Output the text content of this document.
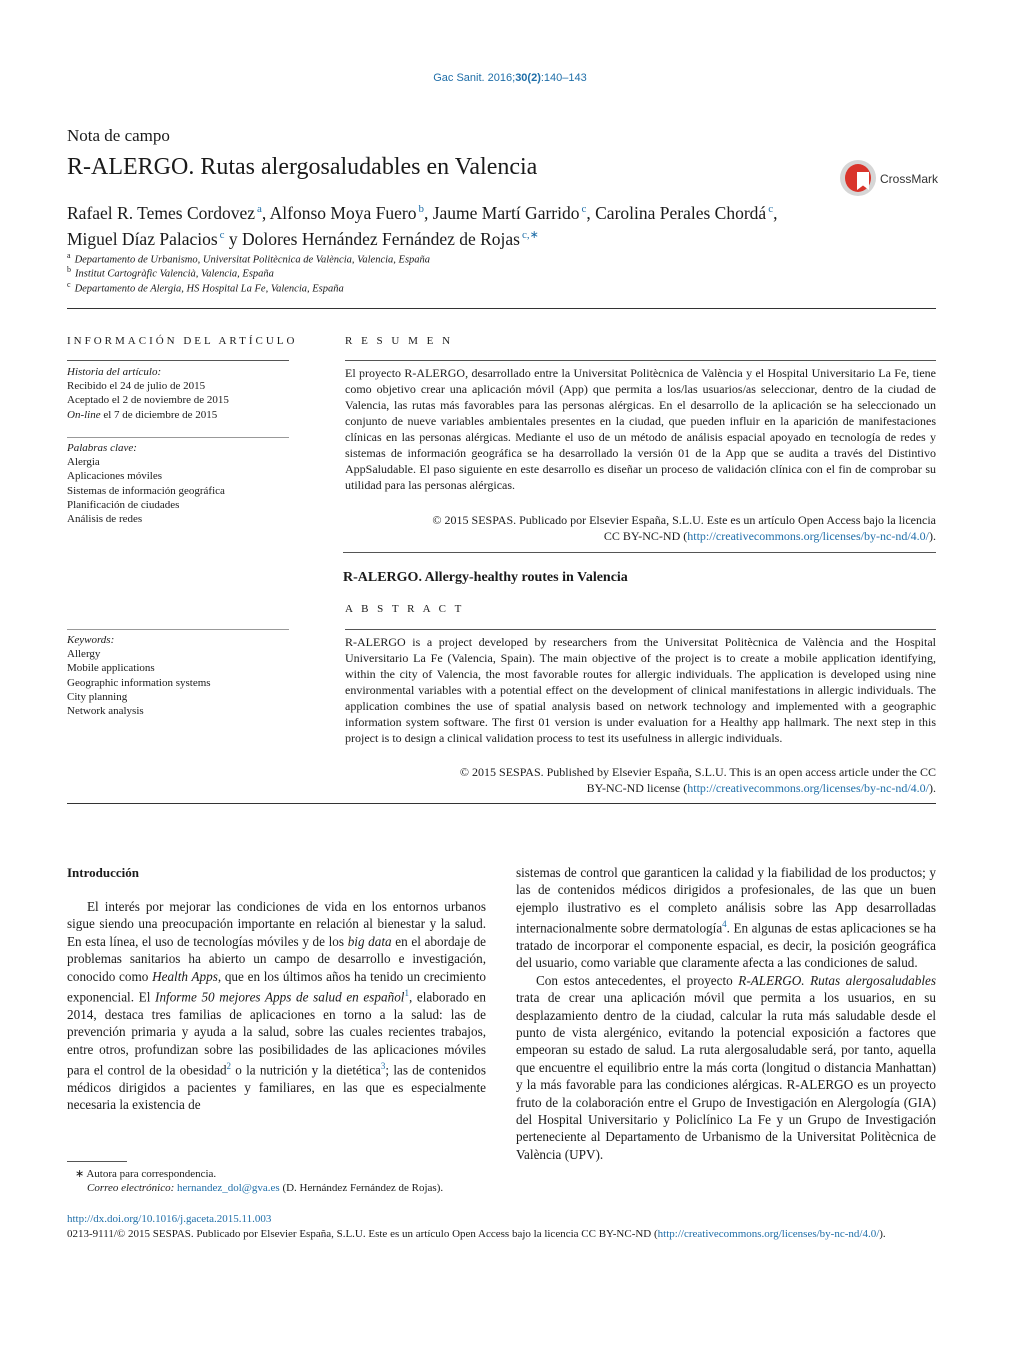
Gac Sanit. 2016;30(2):140–143
Nota de campo
R-ALERGO. Rutas alergosaludables en Valencia	CrossMark
Rafael R. Temes Cordovez $^a$, Alfonso Moya Fuero $^b$, Jaume Martí Garrido $^c$, Carolina Perales Chordá $^c$,
Miguel Díaz Palacios $^c$ y Dolores Hernández Fernández de Rojas $^{c,∗}$
$^a$ Departamento de Urbanismo, Universitat Politècnica de València, Valencia, España
$^b$ Institut Cartogràfic Valencià, Valencia, España
$^c$ Departamento de Alergia, HS Hospital La Fe, Valencia, España
INFORMACIÓN DEL ARTÍCULO
Historia del artículo:
Recibido el 24 de julio de 2015
Aceptado el 2 de noviembre de 2015
On-line el 7 de diciembre de 2015
Palabras clave:
Alergia
Aplicaciones móviles
Sistemas de información geográfica
Planificación de ciudades
Análisis de redes
Keywords:
Allergy
Mobile applications
Geographic information systems
City planning
Network analysis
R E S U M E N
El proyecto R-ALERGO, desarrollado entre la Universitat Politècnica de València y el Hospital Universitario La Fe, tiene como objetivo crear una aplicación móvil (App) que permita a los/las usuarios/as seleccionar, dentro de la ciudad de Valencia, las rutas más favorables para las personas alérgicas. En el desarrollo de la aplicación se ha seleccionado un conjunto de nueve variables ambientales presentes en la ciudad, que pueden influir en la aparición de manifestaciones clínicas en las personas alérgicas. Mediante el uso de un método de análisis espacial apoyado en tecnología de redes y sistemas de información geográfica se ha desarrollado la versión 01 de la App que se audita a través del Distintivo AppSaludable. El paso siguiente en este desarrollo es diseñar un proceso de validación clínica con el fin de comprobar su utilidad para las personas alérgicas.
© 2015 SESPAS. Publicado por Elsevier España, S.L.U. Este es un artículo Open Access bajo la licencia
CC BY-NC-ND (http://creativecommons.org/licenses/by-nc-nd/4.0/).
R-ALERGO. Allergy-healthy routes in Valencia
A B S T R A C T
R-ALERGO is a project developed by researchers from the Universitat Politècnica de València and the Hospital Universitario La Fe (Valencia, Spain). The main objective of the project is to create a mobile application identifying, within the city of Valencia, the most favorable routes for allergic individuals. The application is developed using nine environmental variables with a potential effect on the development of clinical manifestations in allergic individuals. The application combines the use of spatial analysis based on network technology and implemented with a geographic information system software. The first 01 version is under evaluation for a Healthy app hallmark. The next step in this project is to design a clinical validation process to test its usefulness in allergic individuals.
© 2015 SESPAS. Published by Elsevier España, S.L.U. This is an open access article under the CC
BY-NC-ND license (http://creativecommons.org/licenses/by-nc-nd/4.0/).
Introducción

El interés por mejorar las condiciones de vida en los entornos urbanos sigue siendo una preocupación importante en relación al bienestar y la salud. En esta línea, el uso de tecnologías móviles y de los big data en el abordaje de problemas sanitarios ha abierto un campo de desarrollo e investigación, conocido como Health Apps, que en los últimos años ha tenido un crecimiento exponencial. El Informe 50 mejores Apps de salud en español$^1$, elaborado en 2014, destaca tres familias de aplicaciones en torno a la salud: las de prevención primaria y ayuda a la salud, sobre las cuales recientes trabajos, entre otros, profundizan sobre las posibilidades de las aplicaciones móviles para el control de la obesidad$^2$ o la nutrición y la dietética$^3$; las de contenidos médicos dirigidos a pacientes y familiares, en las que es especialmente necesaria la existencia de

sistemas de control que garanticen la calidad y la fiabilidad de los productos; y las de contenidos médicos dirigidos a profesionales, de las que un buen ejemplo ilustrativo es el completo análisis sobre las App desarrolladas internacionalmente sobre dermatología$^4$. En algunas de estas aplicaciones se ha tratado de incorporar el componente espacial, es decir, la posición geográfica del usuario, como variable que claramente afecta a las condiciones de salud.

Con estos antecedentes, el proyecto R-ALERGO. Rutas alergosaludables trata de crear una aplicación móvil que permita a los usuarios, en su desplazamiento dentro de la ciudad, calcular la ruta más saludable desde el punto de vista alergénico, evitando la potencial exposición a factores que empeoran su estado de salud. La ruta alergosaludable será, por tanto, aquella que encuentre el equilibrio entre la más corta (longitud o distancia Manhattan) y la más favorable para las condiciones alérgicas. R-ALERGO es un proyecto fruto de la colaboración entre el Grupo de Investigación en Alergología (GIA) del Hospital Universitario y Policlínico La Fe y un Grupo de Investigación perteneciente al Departamento de Urbanismo de la Universitat Politècnica de València (UPV).

∗ Autora para correspondencia.
Correo electrónico: hernandez_dol@gva.es (D. Hernández Fernández de Rojas).
http://dx.doi.org/10.1016/j.gaceta.2015.11.003
0213-9111/© 2015 SESPAS. Publicado por Elsevier España, S.L.U. Este es un artículo Open Access bajo la licencia CC BY-NC-ND (http://creativecommons.org/licenses/by-nc-nd/4.0/).
